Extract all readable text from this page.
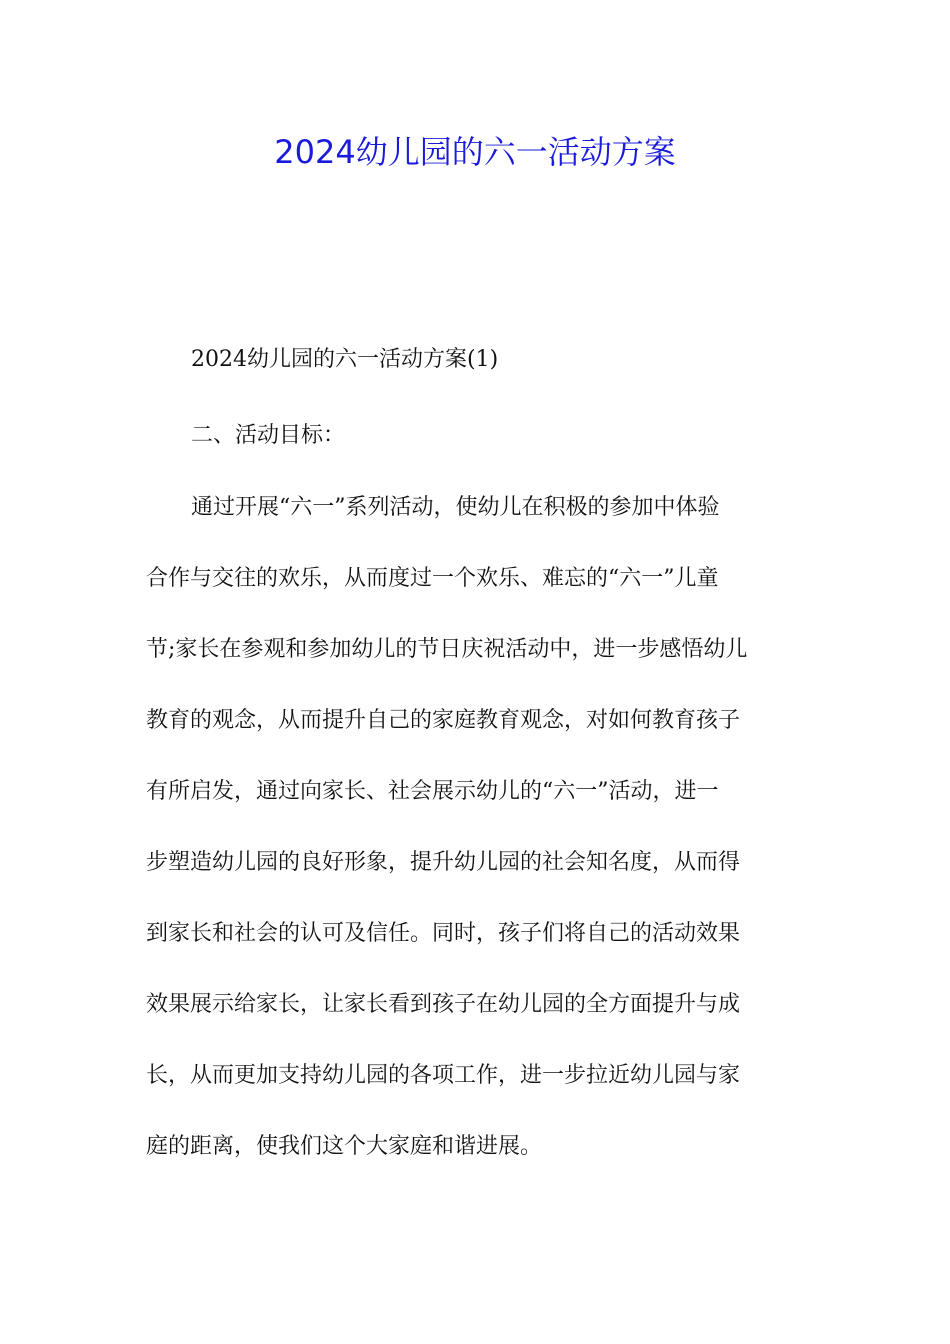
2024幼儿园的六一活动方案

2024幼儿园的六一活动方案(1)

二、活动目标：

通过开展“六一”系列活动，使幼儿在积极的参加中体验
合作与交往的欢乐，从而度过一个欢乐、难忘的“六一”儿童
节;家长在参观和参加幼儿的节日庆祝活动中，进一步感悟幼儿
教育的观念，从而提升自己的家庭教育观念，对如何教育孩子
有所启发，通过向家长、社会展示幼儿的“六一”活动，进一
步塑造幼儿园的良好形象，提升幼儿园的社会知名度，从而得
到家长和社会的认可及信任。同时，孩子们将自己的活动效果
效果展示给家长，让家长看到孩子在幼儿园的全方面提升与成
长，从而更加支持幼儿园的各项工作，进一步拉近幼儿园与家
庭的距离，使我们这个大家庭和谐进展。
